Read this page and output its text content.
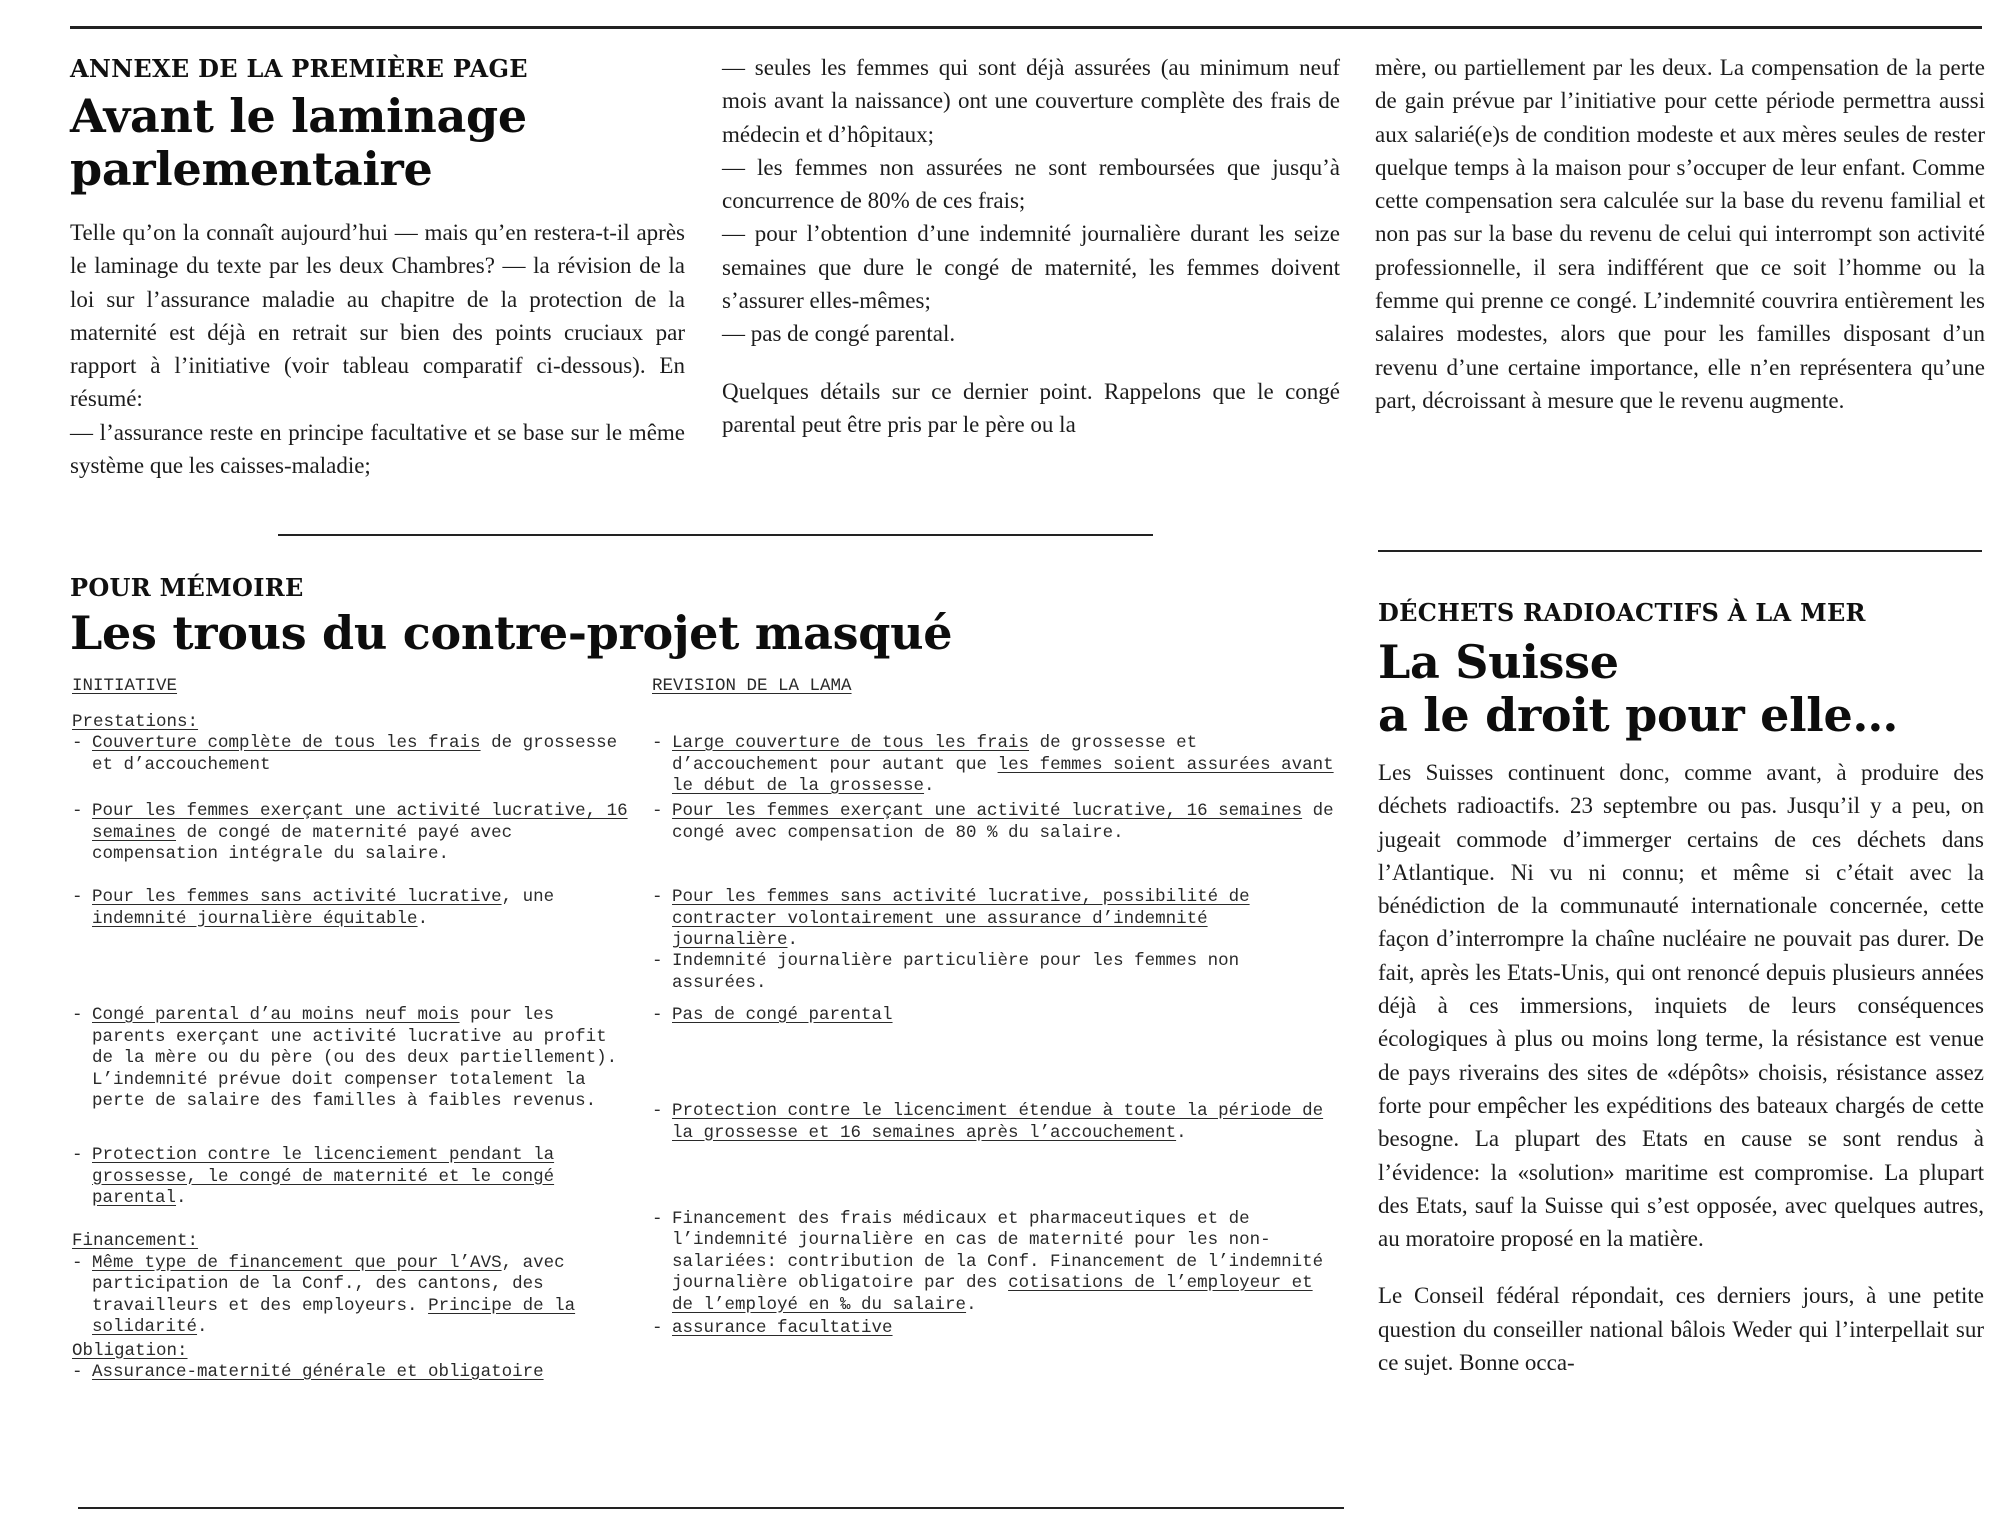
ANNEXE DE LA PREMIÈRE PAGE
Avant le laminage
parlementaire

Telle qu’on la connaît aujourd’hui — mais qu’en restera-t-il après le laminage du texte par les deux Chambres? — la révision de la loi sur l’assurance maladie au chapitre de la protection de la maternité est déjà en retrait sur bien des points cruciaux par rapport à l’initiative (voir tableau comparatif ci-dessous). En résumé:

— l’assurance reste en principe facultative et se base sur le même système que les caisses-maladie;

— seules les femmes qui sont déjà assurées (au minimum neuf mois avant la naissance) ont une couverture complète des frais de médecin et d’hôpitaux;

— les femmes non assurées ne sont remboursées que jusqu’à concurrence de 80% de ces frais;

— pour l’obtention d’une indemnité journalière durant les seize semaines que dure le congé de maternité, les femmes doivent s’assurer elles-mêmes;

— pas de congé parental.

Quelques détails sur ce dernier point. Rappelons que le congé parental peut être pris par le père ou la

mère, ou partiellement par les deux. La compensation de la perte de gain prévue par l’initiative pour cette période permettra aussi aux salarié(e)s de condition modeste et aux mères seules de rester quelque temps à la maison pour s’occuper de leur enfant. Comme cette compensation sera calculée sur la base du revenu familial et non pas sur la base du revenu de celui qui interrompt son activité professionnelle, il sera indifférent que ce soit l’homme ou la femme qui prenne ce congé. L’indemnité couvrira entièrement les salaires modestes, alors que pour les familles disposant d’un revenu d’une certaine importance, elle n’en représentera qu’une part, décroissant à mesure que le revenu augmente.

POUR MÉMOIRE
Les trous du contre-projet masqué
INITIATIVE
Prestations:
- Couverture complète de tous les frais de grossesse et d’accouchement
- Pour les femmes exerçant une activité lucrative, 16 semaines de congé de maternité payé avec compensation intégrale du salaire.
- Pour les femmes sans activité lucrative, une indemnité journalière équitable.
- Congé parental d’au moins neuf mois pour les parents exerçant une activité lucrative au profit de la mère ou du père (ou des deux partiellement). L’indemnité prévue doit compenser totalement la perte de salaire des familles à faibles revenus.
- Protection contre le licenciement pendant la grossesse, le congé de maternité et le congé parental.
Financement:
- Même type de financement que pour l’AVS, avec participation de la Conf., des cantons, des travailleurs et des employeurs. Principe de la solidarité.
Obligation:
- Assurance-maternité générale et obligatoire
REVISION DE LA LAMA
- Large couverture de tous les frais de grossesse et d’accouchement pour autant que les femmes soient assurées avant le début de la grossesse.
- Pour les femmes exerçant une activité lucrative, 16 semaines de congé avec compensation de 80 % du salaire.
- Pour les femmes sans activité lucrative, possibilité de contracter volontairement une assurance d’indemnité journalière.
- Indemnité journalière particulière pour les femmes non assurées.
- Pas de congé parental
- Protection contre le licenciment étendue à toute la période de la grossesse et 16 semaines après l’accouchement.
- Financement des frais médicaux et pharmaceutiques et de l’indemnité journalière en cas de maternité pour les non-salariées: contribution de la Conf. Financement de l’indemnité journalière obligatoire par des cotisations de l’employeur et de l’employé en ‰ du salaire.
- assurance facultative
DÉCHETS RADIOACTIFS À LA MER
La Suisse
a le droit pour elle…

Les Suisses continuent donc, comme avant, à produire des déchets radioactifs. 23 septembre ou pas. Jusqu’il y a peu, on jugeait commode d’immerger certains de ces déchets dans l’Atlantique. Ni vu ni connu; et même si c’était avec la bénédiction de la communauté internationale concernée, cette façon d’interrompre la chaîne nucléaire ne pouvait pas durer. De fait, après les Etats-Unis, qui ont renoncé depuis plusieurs années déjà à ces immersions, inquiets de leurs conséquences écologiques à plus ou moins long terme, la résistance est venue de pays riverains des sites de «dépôts» choisis, résistance assez forte pour empêcher les expéditions des bateaux chargés de cette besogne. La plupart des Etats en cause se sont rendus à l’évidence: la «solution» maritime est compromise. La plupart des Etats, sauf la Suisse qui s’est opposée, avec quelques autres, au moratoire proposé en la matière.

Le Conseil fédéral répondait, ces derniers jours, à une petite question du conseiller national bâlois Weder qui l’interpellait sur ce sujet. Bonne occa-
